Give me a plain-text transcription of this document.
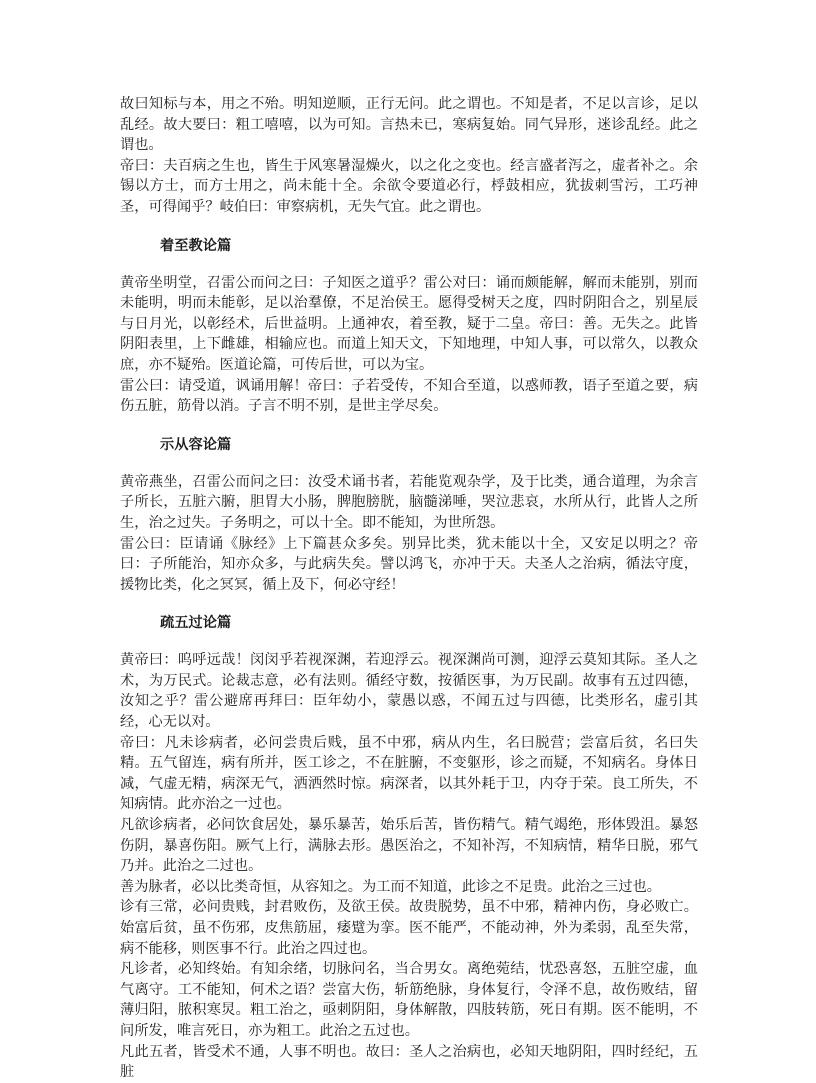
故曰知标与本，用之不殆。明知逆顺，正行无问。此之谓也。不知是者，不足以言诊，足以乱经。故大要曰：粗工嘻嘻，以为可知。言热未已，寒病复始。同气异形，迷诊乱经。此之谓也。

帝曰：夫百病之生也，皆生于风寒暑湿燥火，以之化之变也。经言盛者泻之，虚者补之。余锡以方士，而方士用之，尚未能十全。余欲令要道必行，桴鼓相应，犹拔刺雪污，工巧神圣，可得闻乎？岐伯曰：审察病机，无失气宜。此之谓也。

着至教论篇

黄帝坐明堂，召雷公而问之曰：子知医之道乎？雷公对曰：诵而颇能解，解而未能别，别而未能明，明而未能彰，足以治羣僚，不足治侯王。愿得受树天之度，四时阴阳合之，别星辰与日月光，以彰经术，后世益明。上通神农，着至教，疑于二皇。帝曰：善。无失之。此皆阴阳表里，上下雌雄，相输应也。而道上知天文，下知地理，中知人事，可以常久，以教众庶，亦不疑殆。医道论篇，可传后世，可以为宝。

雷公曰：请受道，讽诵用解！帝曰：子若受传，不知合至道，以惑师教，语子至道之要，病伤五脏，筋骨以消。子言不明不别，是世主学尽矣。

示从容论篇

黄帝燕坐，召雷公而问之曰：汝受术诵书者，若能览观杂学，及于比类，通合道理，为余言子所长，五脏六腑，胆胃大小肠，脾胞膀胱，脑髓涕唾，哭泣悲哀，水所从行，此皆人之所生，治之过失。子务明之，可以十全。即不能知，为世所怨。

雷公曰：臣请诵《脉经》上下篇甚众多矣。别异比类，犹未能以十全，又安足以明之？帝曰：子所能治，知亦众多，与此病失矣。譬以鸿飞，亦冲于天。夫圣人之治病，循法守度，援物比类，化之冥冥，循上及下，何必守经！

疏五过论篇

黄帝曰：呜呼远哉！闵闵乎若视深渊，若迎浮云。视深渊尚可测，迎浮云莫知其际。圣人之术，为万民式。论裁志意，必有法则。循经守数，按循医事，为万民副。故事有五过四德，汝知之乎？雷公避席再拜曰：臣年幼小，蒙愚以惑，不闻五过与四德，比类形名，虚引其经，心无以对。

帝曰：凡未诊病者，必问尝贵后贱，虽不中邪，病从内生，名曰脱营；尝富后贫，名曰失精。五气留连，病有所并，医工诊之，不在脏腑，不变躯形，诊之而疑，不知病名。身体日减，气虚无精，病深无气，洒洒然时惊。病深者，以其外耗于卫，内夺于荣。良工所失，不知病情。此亦治之一过也。

凡欲诊病者，必问饮食居处，暴乐暴苦，始乐后苦，皆伤精气。精气竭绝，形体毁沮。暴怒伤阴，暴喜伤阳。厥气上行，满脉去形。愚医治之，不知补泻，不知病情，精华日脱，邪气乃并。此治之二过也。

善为脉者，必以比类奇恒，从容知之。为工而不知道，此诊之不足贵。此治之三过也。

诊有三常，必问贵贱，封君败伤，及欲王侯。故贵脱势，虽不中邪，精神内伤，身必败亡。始富后贫，虽不伤邪，皮焦筋屈，痿躄为挛。医不能严，不能动神，外为柔弱，乱至失常，病不能移，则医事不行。此治之四过也。

凡诊者，必知终始。有知余绪，切脉问名，当合男女。离绝菀结，忧恐喜怒，五脏空虚，血气离守。工不能知，何术之语？尝富大伤，斩筋绝脉，身体复行，令泽不息，故伤败结，留薄归阳，脓积寒炅。粗工治之，亟刺阴阳，身体解散，四肢转筋，死日有期。医不能明，不问所发，唯言死日，亦为粗工。此治之五过也。

凡此五者，皆受术不通，人事不明也。故曰：圣人之治病也，必知天地阴阳，四时经纪，五脏
